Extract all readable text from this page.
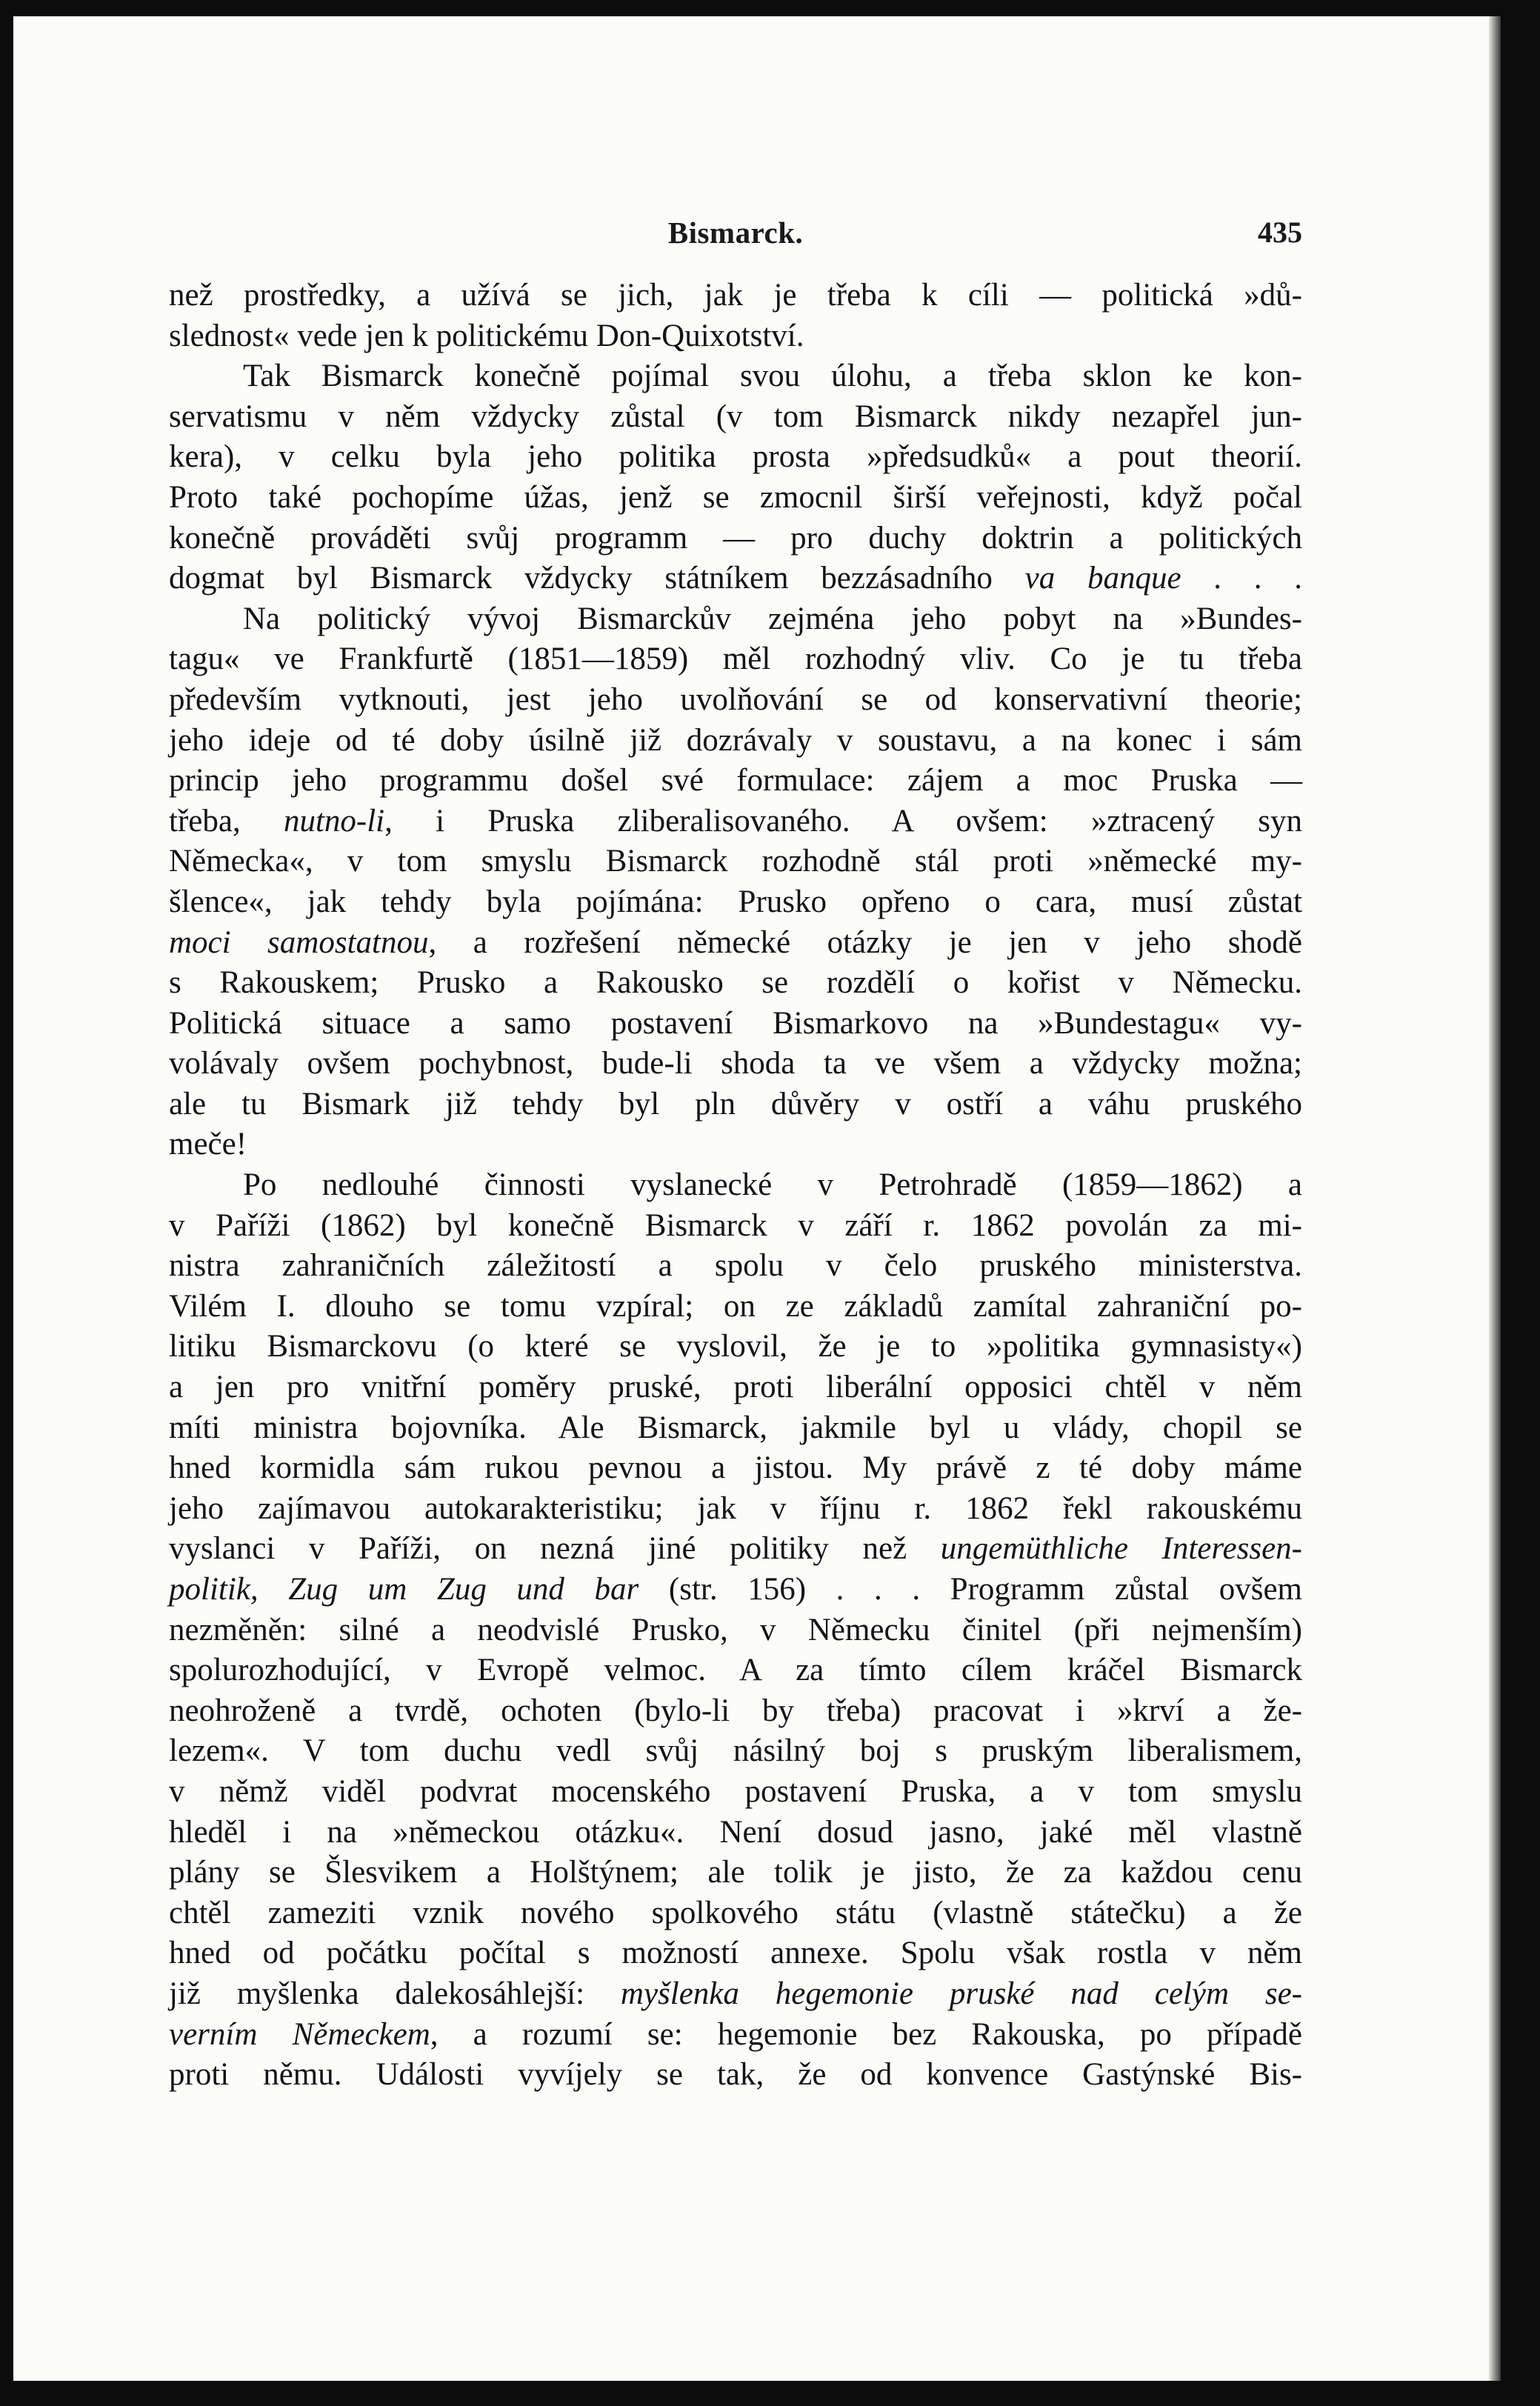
Bismarck.	435
než prostředky, a užívá se jich, jak je třeba k cíli — politická »dů-
slednost« vede jen k politickému Don-Quixotství.
Tak Bismarck konečně pojímal svou úlohu, a třeba sklon ke kon-
servatismu v něm vždycky zůstal (v tom Bismarck nikdy nezapřel jun-
kera), v celku byla jeho politika prosta »předsudků« a pout theorií.
Proto také pochopíme úžas, jenž se zmocnil širší veřejnosti, když počal
konečně prováděti svůj programm — pro duchy doktrin a politických
dogmat byl Bismarck vždycky státníkem bezzásadního va banque . . .
Na politický vývoj Bismarckův zejména jeho pobyt na »Bundes-
tagu« ve Frankfurtě (1851—1859) měl rozhodný vliv. Co je tu třeba
především vytknouti, jest jeho uvolňování se od konservativní theorie;
jeho ideje od té doby úsilně již dozrávaly v soustavu, a na konec i sám
princip jeho programmu došel své formulace: zájem a moc Pruska —
třeba, nutno-li, i Pruska zliberalisovaného. A ovšem: »ztracený syn
Německa«, v tom smyslu Bismarck rozhodně stál proti »německé my-
šlence«, jak tehdy byla pojímána: Prusko opřeno o cara, musí zůstat
moci samostatnou, a rozřešení německé otázky je jen v jeho shodě
s Rakouskem; Prusko a Rakousko se rozdělí o kořist v Německu.
Politická situace a samo postavení Bismarkovo na »Bundestagu« vy-
volávaly ovšem pochybnost, bude-li shoda ta ve všem a vždycky možna;
ale tu Bismark již tehdy byl pln důvěry v ostří a váhu pruského
meče!
Po nedlouhé činnosti vyslanecké v Petrohradě (1859—1862) a
v Paříži (1862) byl konečně Bismarck v září r. 1862 povolán za mi-
nistra zahraničních záležitostí a spolu v čelo pruského ministerstva.
Vilém I. dlouho se tomu vzpíral; on ze základů zamítal zahraniční po-
litiku Bismarckovu (o které se vyslovil, že je to »politika gymnasisty«)
a jen pro vnitřní poměry pruské, proti liberální opposici chtěl v něm
míti ministra bojovníka. Ale Bismarck, jakmile byl u vlády, chopil se
hned kormidla sám rukou pevnou a jistou. My právě z té doby máme
jeho zajímavou autokarakteristiku; jak v říjnu r. 1862 řekl rakouskému
vyslanci v Paříži, on nezná jiné politiky než ungemüthliche Interessen-
politik, Zug um Zug und bar (str. 156) . . . Programm zůstal ovšem
nezměněn: silné a neodvislé Prusko, v Německu činitel (při nejmenším)
spolurozhodující, v Evropě velmoc. A za tímto cílem kráčel Bismarck
neohroženě a tvrdě, ochoten (bylo-li by třeba) pracovat i »krví a že-
lezem«. V tom duchu vedl svůj násilný boj s pruským liberalismem,
v němž viděl podvrat mocenského postavení Pruska, a v tom smyslu
hleděl i na »německou otázku«. Není dosud jasno, jaké měl vlastně
plány se Šlesvikem a Holštýnem; ale tolik je jisto, že za každou cenu
chtěl zameziti vznik nového spolkového státu (vlastně státečku) a že
hned od počátku počítal s možností annexe. Spolu však rostla v něm
již myšlenka dalekosáhlejší: myšlenka hegemonie pruské nad celým se-
verním Německem, a rozumí se: hegemonie bez Rakouska, po případě
proti němu. Události vyvíjely se tak, že od konvence Gastýnské Bis-
